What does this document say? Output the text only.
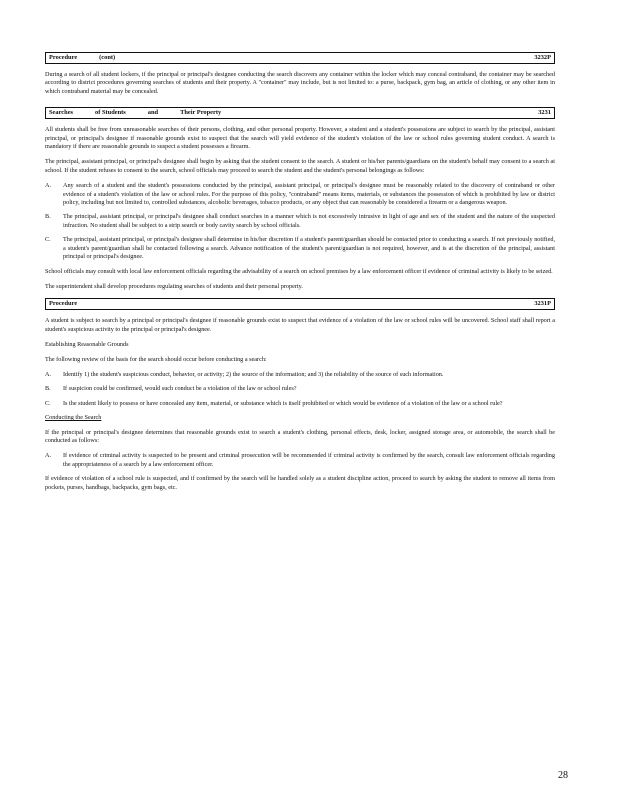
Procedure	(cont)	3232P

During a search of all student lockers, if the principal or principal's designee conducting the search discovers any container within the locker which may conceal contraband, the container may be searched according to district procedures governing searches of students and their property. A "container" may include, but is not limited to: a purse, backpack, gym bag, an article of clothing, or any other item in which contraband material may be concealed.

Searches	of Students	and	Their Property	3231

All students shall be free from unreasonable searches of their persons, clothing, and other personal property. However, a student and a student's possessions are subject to search by the principal, assistant principal, or principal's designee if reasonable grounds exist to suspect that the search will yield evidence of the student's violation of the law or school rules governing student conduct. A search is mandatory if there are reasonable grounds to suspect a student possesses a firearm.

The principal, assistant principal, or principal's designee shall begin by asking that the student consent to the search. A student or his/her parents/guardians on the student's behalf may consent to a search at school. If the student refuses to consent to the search, school officials may proceed to search the student and the student's personal belongings as follows:

A.	Any search of a student and the student's possessions conducted by the principal, assistant principal, or principal's designee must be reasonably related to the discovery of contraband or other evidence of a student's violation of the law or school rules. For the purpose of this policy, "contraband" means items, materials, or substances the possession of which is prohibited by law or district policy, including but not limited to, controlled substances, alcoholic beverages, tobacco products, or any object that can reasonably be considered a firearm or a dangerous weapon.
B.	The principal, assistant principal, or principal's designee shall conduct searches in a manner which is not excessively intrusive in light of age and sex of the student and the nature of the suspected infraction. No student shall be subject to a strip search or body cavity search by school officials.
C.	The principal, assistant principal, or principal's designee shall determine in his/her discretion if a student's parent/guardian should be contacted prior to conducting a search. If not previously notified, a student's parent/guardian shall be contacted following a search. Advance notification of the student's parent/guardian is not required, however, and is at the discretion of the principal, assistant principal or principal's designee.

School officials may consult with local law enforcement officials regarding the advisability of a search on school premises by a law enforcement officer if evidence of criminal activity is likely to be seized.

The superintendent shall develop procedures regulating searches of students and their personal property.

Procedure	3231P

A student is subject to search by a principal or principal's designee if reasonable grounds exist to suspect that evidence of a violation of the law or school rules will be uncovered. School staff shall report a student's suspicious activity to the principal or principal's designee.

Establishing Reasonable Grounds

The following review of the basis for the search should occur before conducting a search:

A.	Identify 1) the student's suspicious conduct, behavior, or activity; 2) the source of the information; and 3) the reliability of the source of such information.
B.	If suspicion could be confirmed, would such conduct be a violation of the law or school rules?
C.	Is the student likely to possess or have concealed any item, material, or substance which is itself prohibited or which would be evidence of a violation of the law or a school rule?
Conducting the Search

If the principal or principal's designee determines that reasonable grounds exist to search a student's clothing, personal effects, desk, locker, assigned storage area, or automobile, the search shall be conducted as follows:

A.	If evidence of criminal activity is suspected to be present and criminal prosecution will be recommended if criminal activity is confirmed by the search, consult law enforcement officials regarding the appropriateness of a search by a law enforcement officer.

If evidence of violation of a school rule is suspected, and if confirmed by the search will be handled solely as a student discipline action, proceed to search by asking the student to remove all items from pockets, purses, handbags, backpacks, gym bags, etc.

28
